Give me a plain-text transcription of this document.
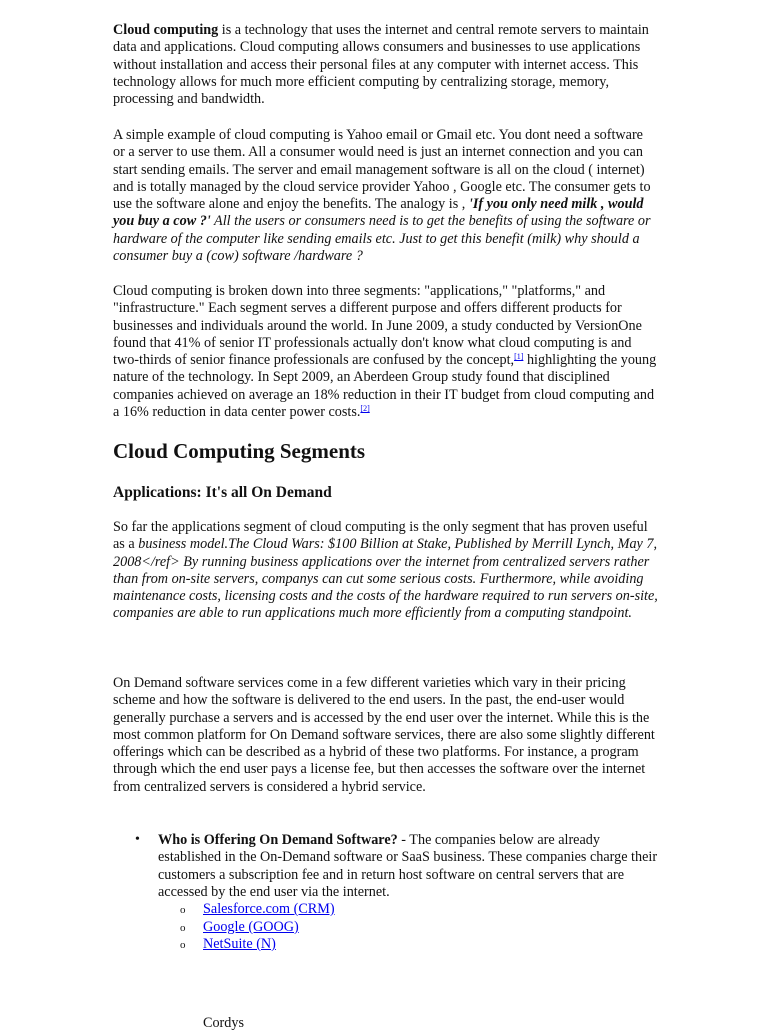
Cloud computing is a technology that uses the internet and central remote servers to maintain data and applications. Cloud computing allows consumers and businesses to use applications without installation and access their personal files at any computer with internet access. This technology allows for much more efficient computing by centralizing storage, memory, processing and bandwidth.

A simple example of cloud computing is Yahoo email or Gmail etc. You dont need a software or a server to use them. All a consumer would need is just an internet connection and you can start sending emails. The server and email management software is all on the cloud ( internet) and is totally managed by the cloud service provider Yahoo , Google etc. The consumer gets to use the software alone and enjoy the benefits. The analogy is , 'If you only need milk , would you buy a cow ?' All the users or consumers need is to get the benefits of using the software or hardware of the computer like sending emails etc. Just to get this benefit (milk) why should a consumer buy a (cow) software /hardware ?

Cloud computing is broken down into three segments: "applications," "platforms," and "infrastructure." Each segment serves a different purpose and offers different products for businesses and individuals around the world. In June 2009, a study conducted by VersionOne found that 41% of senior IT professionals actually don't know what cloud computing is and two-thirds of senior finance professionals are confused by the concept,[1] highlighting the young nature of the technology. In Sept 2009, an Aberdeen Group study found that disciplined companies achieved on average an 18% reduction in their IT budget from cloud computing and a 16% reduction in data center power costs.[2]

Cloud Computing Segments
Applications: It's all On Demand

So far the applications segment of cloud computing is the only segment that has proven useful as a business model.The Cloud Wars: $100 Billion at Stake, Published by Merrill Lynch, May 7, 2008</ref> By running business applications over the internet from centralized servers rather than from on-site servers, companys can cut some serious costs. Furthermore, while avoiding maintenance costs, licensing costs and the costs of the hardware required to run servers on-site, companies are able to run applications much more efficiently from a computing standpoint.

On Demand software services come in a few different varieties which vary in their pricing scheme and how the software is delivered to the end users. In the past, the end-user would generally purchase a servers and is accessed by the end user over the internet. While this is the most common platform for On Demand software services, there are also some slightly different offerings which can be described as a hybrid of these two platforms. For instance, a program through which the end user pays a license fee, but then accesses the software over the internet from centralized servers is considered a hybrid service.

• Who is Offering On Demand Software? - The companies below are already established in the On-Demand software or SaaS business. These companies charge their customers a subscription fee and in return host software on central servers that are accessed by the end user via the internet.

o Salesforce.com (CRM)
o Google (GOOG)
o NetSuite (N)
Cordys
